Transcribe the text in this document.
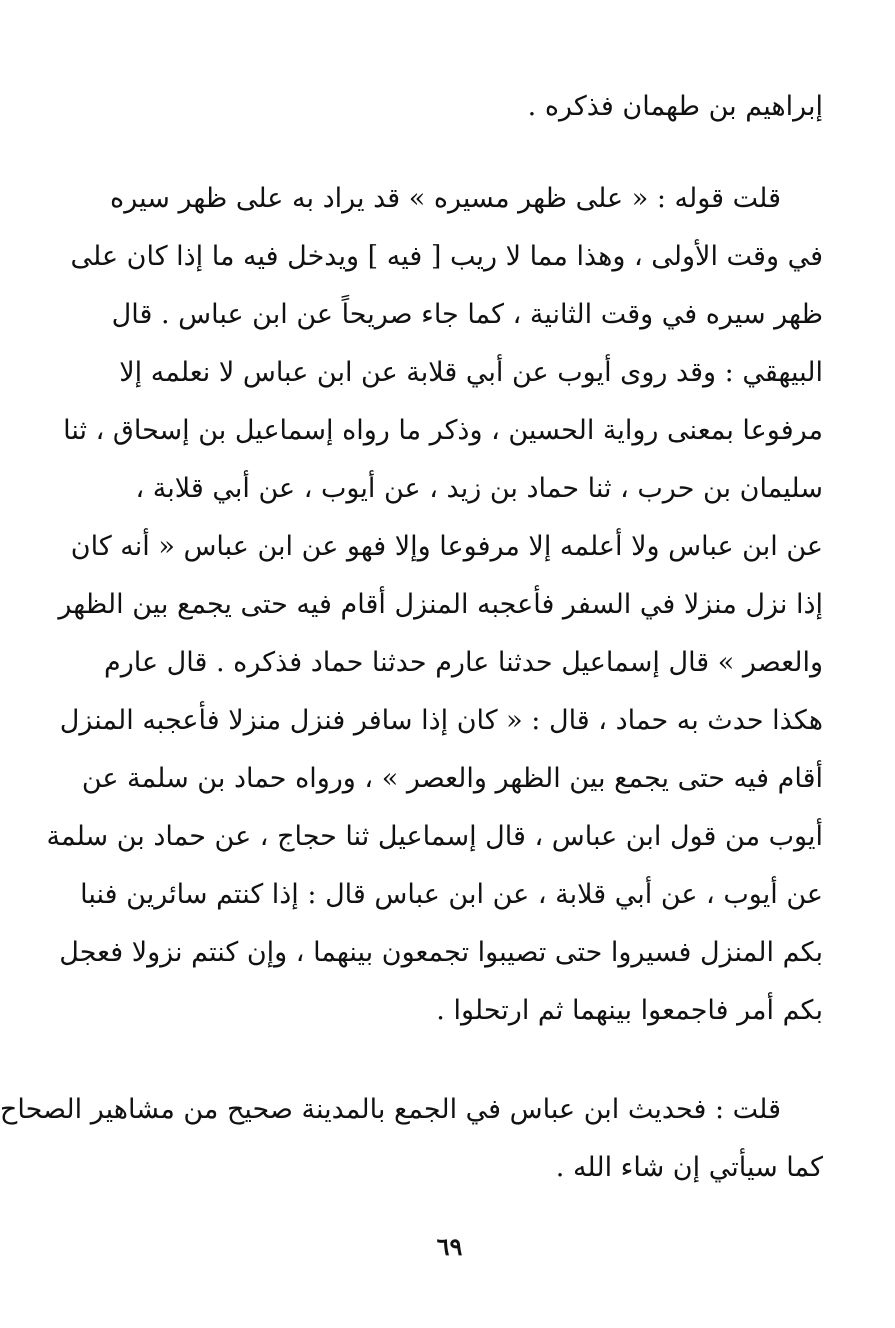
إبراهيم بن طهمان فذكره .
قلت قوله : « على ظهر مسيره » قد يراد به على ظهر سيره
في وقت الأولى ، وهذا مما لا ريب [ فيه ] ويدخل فيه ما إذا كان على
ظهر سيره في وقت الثانية ، كما جاء صريحاً عن ابن عباس . قال
البيهقي : وقد روى أيوب عن أبي قلابة عن ابن عباس لا نعلمه إلا
مرفوعا بمعنى رواية الحسين ، وذكر ما رواه إسماعيل بن إسحاق ، ثنا
سليمان بن حرب ، ثنا حماد بن زيد ، عن أيوب ، عن أبي قلابة ،
عن ابن عباس ولا أعلمه إلا مرفوعا وإلا فهو عن ابن عباس « أنه كان
إذا نزل منزلا في السفر فأعجبه المنزل أقام فيه حتى يجمع بين الظهر
والعصر » قال إسماعيل حدثنا عارم حدثنا حماد فذكره . قال عارم
هكذا حدث به حماد ، قال : « كان إذا سافر فنزل منزلا فأعجبه المنزل
أقام فيه حتى يجمع بين الظهر والعصر » ، ورواه حماد بن سلمة عن
أيوب من قول ابن عباس ، قال إسماعيل ثنا حجاج ، عن حماد بن سلمة
عن أيوب ، عن أبي قلابة ، عن ابن عباس قال : إذا كنتم سائرين فنبا
بكم المنزل فسيروا حتى تصيبوا تجمعون بينهما ، وإن كنتم نزولا فعجل
بكم أمر فاجمعوا بينهما ثم ارتحلوا .
قلت : فحديث ابن عباس في الجمع بالمدينة صحيح من مشاهير الصحاح
كما سيأتي إن شاء الله .
٦٩
